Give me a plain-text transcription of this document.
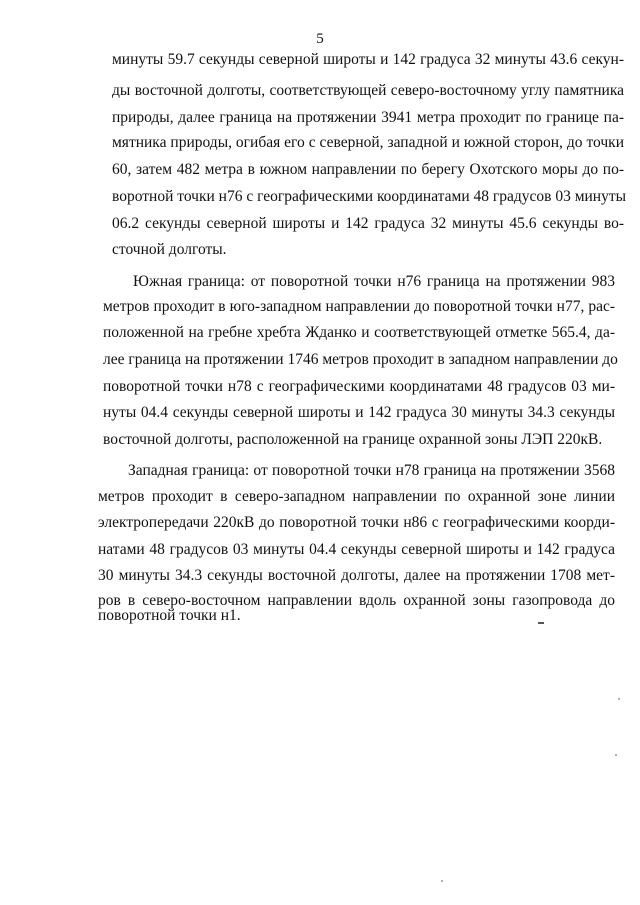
5
минуты 59.7 секунды северной широты и 142 градуса 32 минуты 43.6 секун-
ды восточной долготы, соответствующей северо-восточному углу памятника
природы, далее граница на протяжении 3941 метра проходит по границе па-
мятника природы, огибая его с северной, западной и южной сторон, до точки
60, затем 482 метра в южном направлении по берегу Охотского моры до по-
воротной точки н76 с географическими координатами 48 градусов 03 минуты
06.2 секунды северной широты и 142 градуса 32 минуты 45.6 секунды во-
сточной долготы.
Южная граница: от поворотной точки н76 граница на протяжении 983
метров проходит в юго-западном направлении до поворотной точки н77, рас-
положенной на гребне хребта Жданко и соответствующей отметке 565.4, да-
лее граница на протяжении 1746 метров проходит в западном направлении до
поворотной точки н78 с географическими координатами 48 градусов 03 ми-
нуты 04.4 секунды северной широты и 142 градуса 30 минуты 34.3 секунды
восточной долготы, расположенной на границе охранной зоны ЛЭП 220кВ.
Западная граница: от поворотной точки н78 граница на протяжении 3568
метров проходит в северо-западном направлении по охранной зоне линии
электропередачи 220кВ до поворотной точки н86 с географическими коорди-
натами 48 градусов 03 минуты 04.4 секунды северной широты и 142 градуса
30 минуты 34.3 секунды восточной долготы, далее на протяжении 1708 мет-
ров в северо-восточном направлении вдоль охранной зоны газопровода до
поворотной точки н1.
